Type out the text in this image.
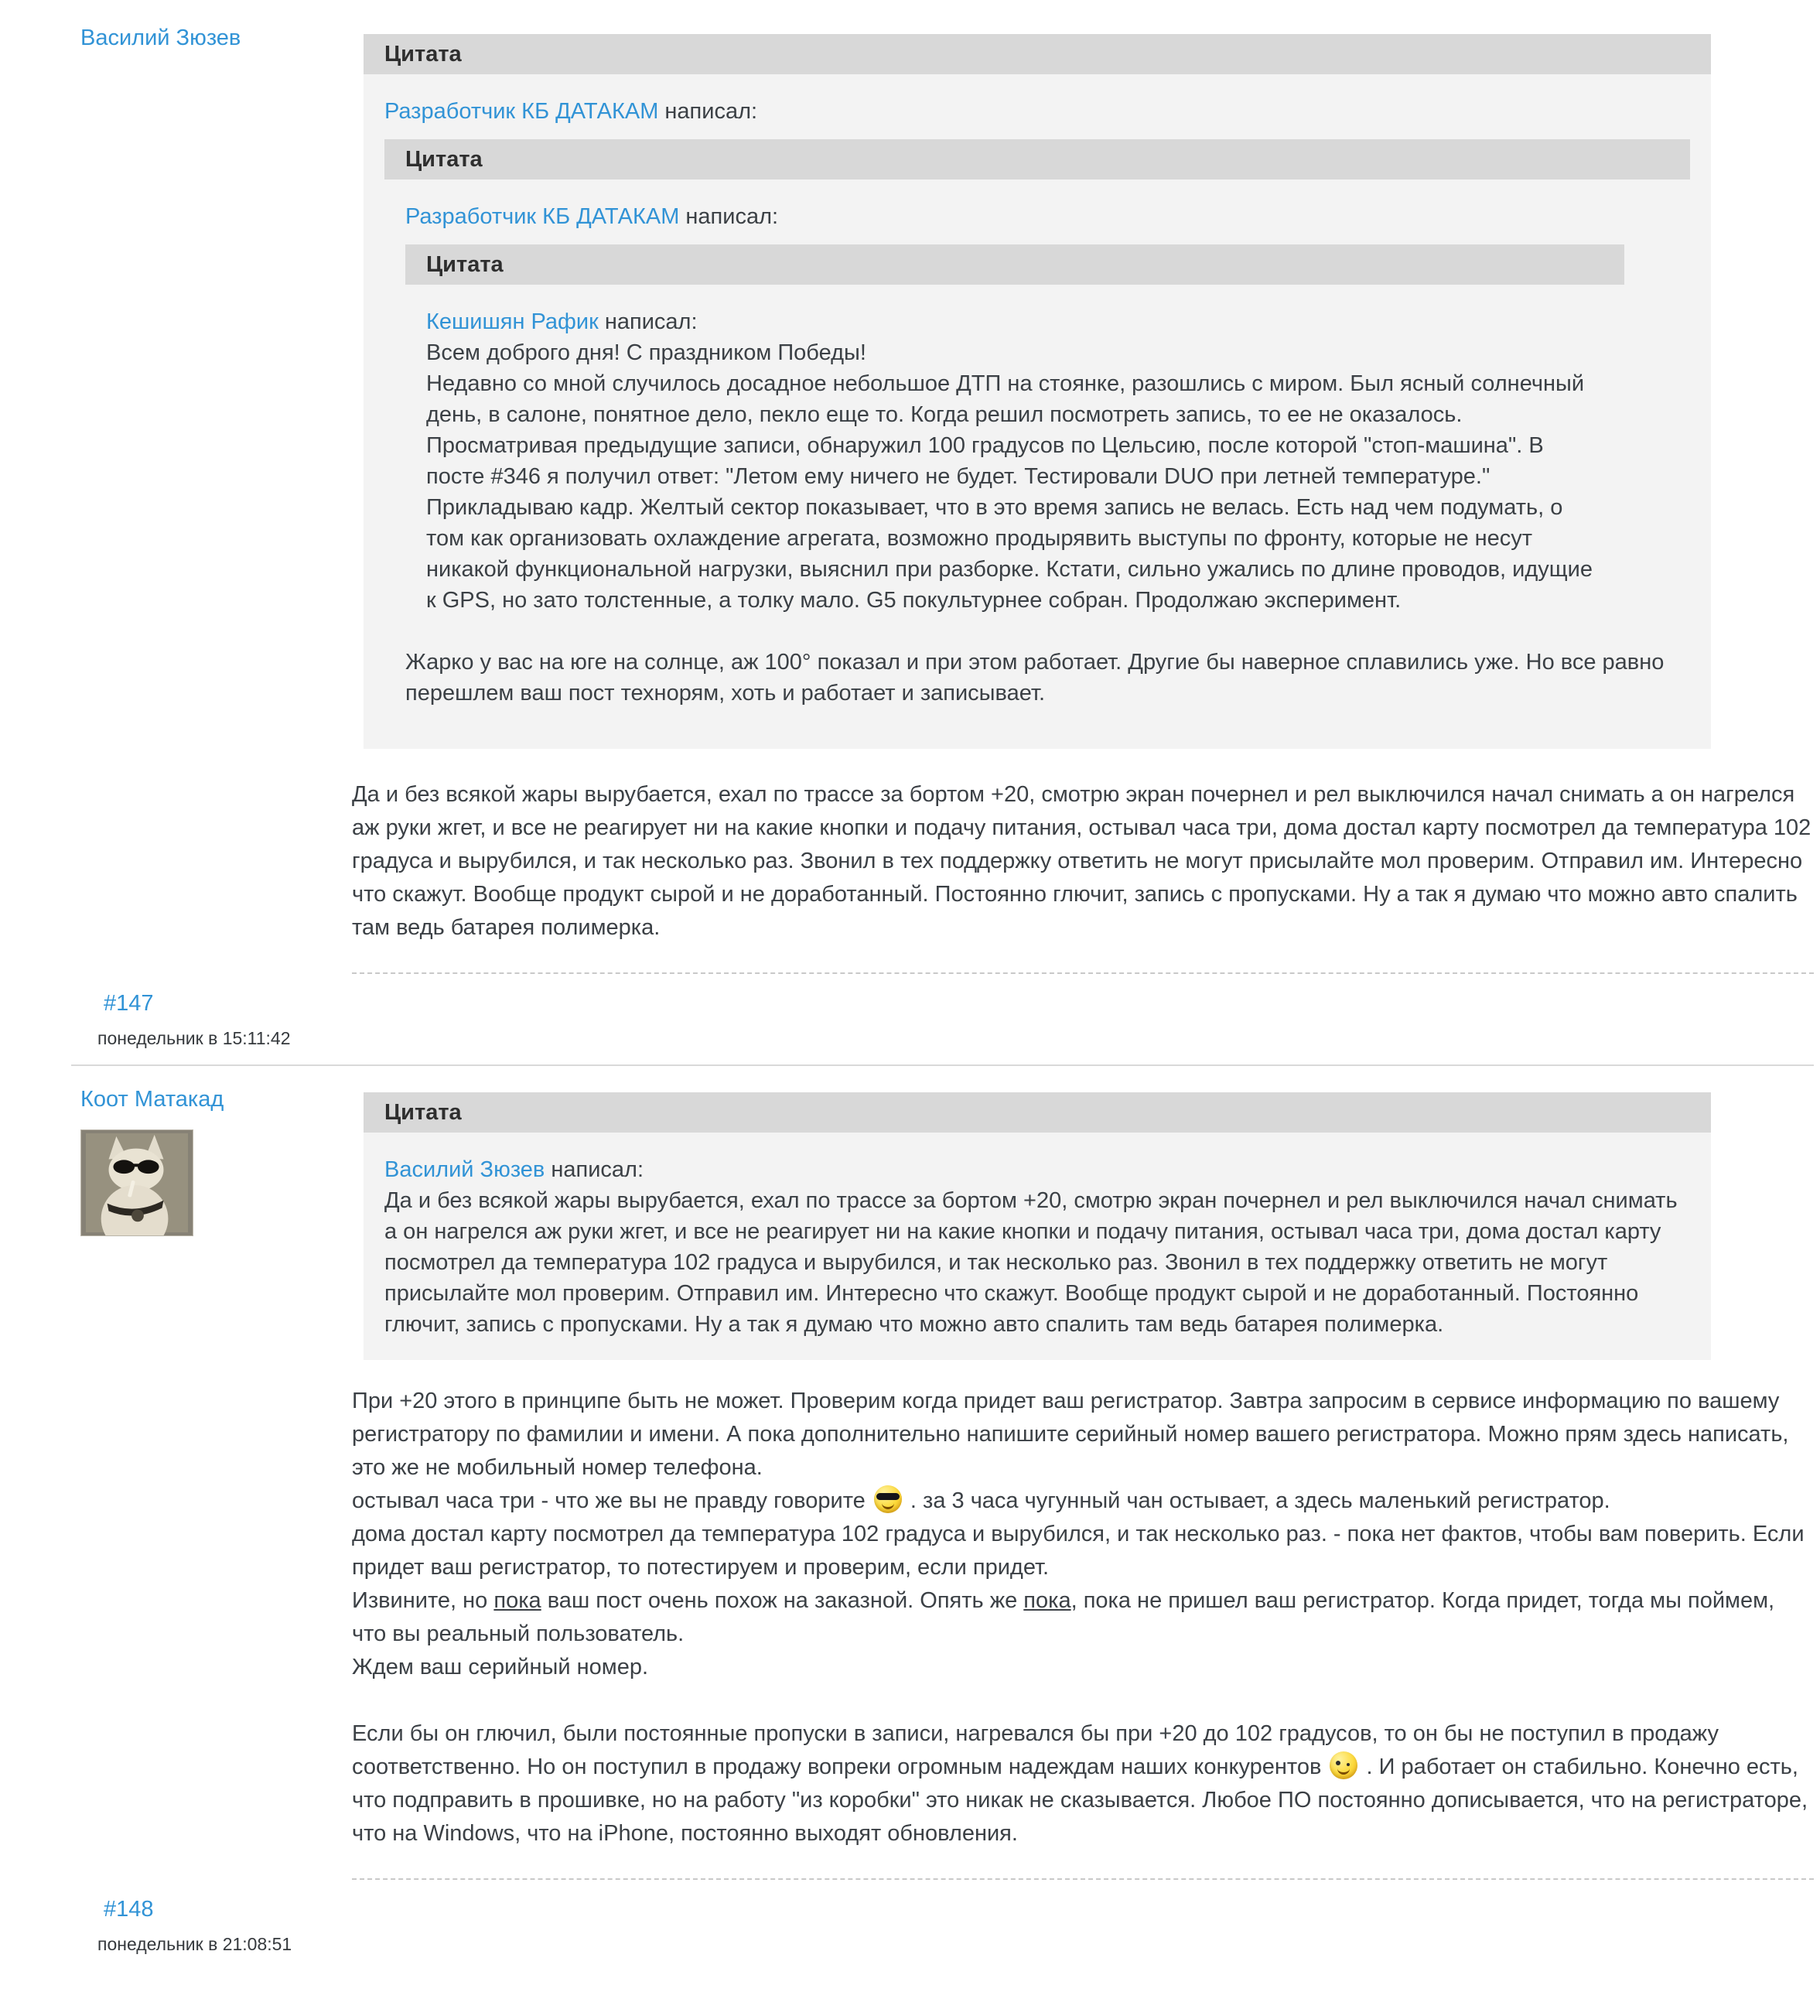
Василий Зюзев
Цитата
Разработчик КБ ДАТАКАМ написал:
Цитата
Разработчик КБ ДАТАКАМ написал:
Цитата
Кешишян Рафик написал:
Всем доброго дня! С праздником Победы!
Недавно со мной случилось досадное небольшое ДТП на стоянке, разошлись с миром. Был ясный солнечный день, в салоне, понятное дело, пекло еще то. Когда решил посмотреть запись, то ее не оказалось. Просматривая предыдущие записи, обнаружил 100 градусов по Цельсию, после которой "стоп-машина". В посте #346 я получил ответ: "Летом ему ничего не будет. Тестировали DUO при летней температуре." Прикладываю кадр. Желтый сектор показывает, что в это время запись не велась. Есть над чем подумать, о том как организовать охлаждение агрегата, возможно продырявить выступы по фронту, которые не несут никакой функциональной нагрузки, выяснил при разборке. Кстати, сильно ужались по длине проводов, идущие к GPS, но зато толстенные, а толку мало. G5 покультурнее собран. Продолжаю эксперимент.
Жарко у вас на юге на солнце, аж 100° показал и при этом работает. Другие бы наверное сплавились уже. Но все равно перешлем ваш пост технорям, хоть и работает и записывает.
Да и без всякой жары вырубается, ехал по трассе за бортом +20, смотрю экран почернел и рел выключился начал снимать а он нагрелся аж руки жгет, и все не реагирует ни на какие кнопки и подачу питания, остывал часа три, дома достал карту посмотрел да температура 102 градуса и вырубился, и так несколько раз. Звонил в тех поддержку ответить не могут присылайте мол проверим. Отправил им. Интересно что скажут. Вообще продукт сырой и не доработанный. Постоянно глючит, запись с пропусками. Ну а так я думаю что можно авто спалить там ведь батарея полимерка.
#147
понедельник в 15:11:42
Коот Матакад
Цитата
Василий Зюзев написал:
Да и без всякой жары вырубается, ехал по трассе за бортом +20, смотрю экран почернел и рел выключился начал снимать а он нагрелся аж руки жгет, и все не реагирует ни на какие кнопки и подачу питания, остывал часа три, дома достал карту посмотрел да температура 102 градуса и вырубился, и так несколько раз. Звонил в тех поддержку ответить не могут присылайте мол проверим. Отправил им. Интересно что скажут. Вообще продукт сырой и не доработанный. Постоянно глючит, запись с пропусками. Ну а так я думаю что можно авто спалить там ведь батарея полимерка.
При +20 этого в принципе быть не может. Проверим когда придет ваш регистратор. Завтра запросим в сервисе информацию по вашему регистратору по фамилии и имени. А пока дополнительно напишите серийный номер вашего регистратора. Можно прям здесь написать, это же не мобильный номер телефона.
остывал часа три - что же вы не правду говорите  . за 3 часа чугунный чан остывает, а здесь маленький регистратор.
дома достал карту посмотрел да температура 102 градуса и вырубился, и так несколько раз. - пока нет фактов, чтобы вам поверить. Если придет ваш регистратор, то потестируем и проверим, если придет.
Извините, но пока ваш пост очень похож на заказной. Опять же пока, пока не пришел ваш регистратор. Когда придет, тогда мы поймем, что вы реальный пользователь.
Ждем ваш серийный номер.
Если бы он глючил, были постоянные пропуски в записи, нагревался бы при +20 до 102 градусов, то он бы не поступил в продажу соответственно. Но он поступил в продажу вопреки огромным надеждам наших конкурентов  . И работает он стабильно. Конечно есть, что подправить в прошивке, но на работу "из коробки" это никак не сказывается. Любое ПО постоянно дописывается, что на регистраторе, что на Windows, что на iPhone, постоянно выходят обновления.
#148
понедельник в 21:08:51
